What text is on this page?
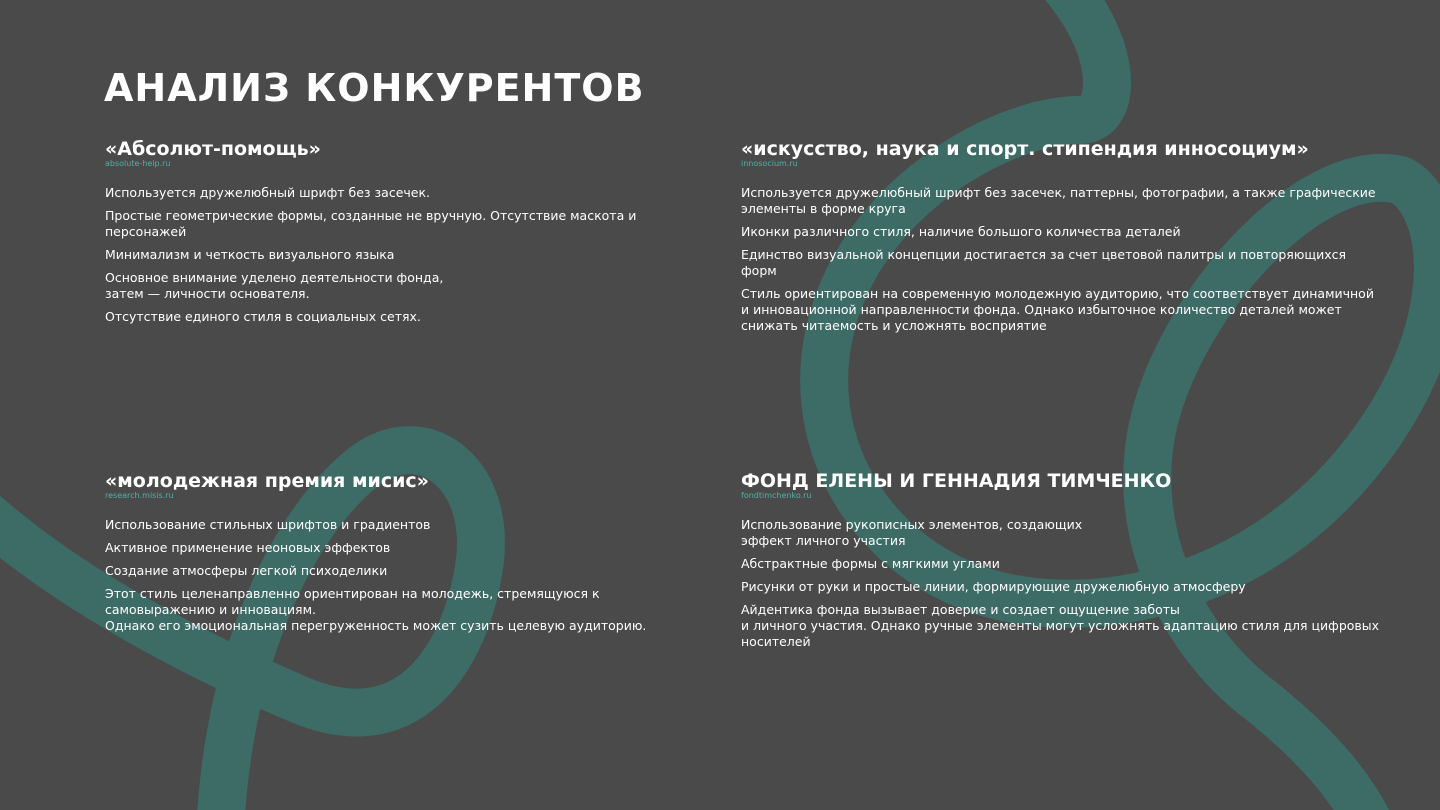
АНАЛИЗ КОНКУРЕНТОВ
«Абсолют-помощь»
absolute-help.ru
Используется дружелюбный шрифт без засечек.
Простые геометрические формы, созданные не вручную. Отсутствие маскота и персонажей
Минимализм и четкость визуального языка
Основное внимание уделено деятельности фонда,
затем — личности основателя.
Отсутствие единого стиля в социальных сетях.
«искусство, наука и спорт. стипендия инносоциум»
innosocium.ru
Используется дружелюбный шрифт без засечек, паттерны, фотографии, а также графические элементы в форме круга
Иконки различного стиля, наличие большого количества деталей
Единство визуальной концепции достигается за счет цветовой палитры и повторяющихся форм
Стиль ориентирован на современную молодежную аудиторию, что соответствует динамичной и инновационной направленности фонда. Однако избыточное количество деталей может снижать читаемость и усложнять восприятие
«молодежная премия мисис»
research.misis.ru
Использование стильных шрифтов и градиентов
Активное применение неоновых эффектов
Создание атмосферы легкой психоделики
Этот стиль целенаправленно ориентирован на молодежь, стремящуюся к самовыражению и инновациям.
Однако его эмоциональная перегруженность может сузить целевую аудиторию.
ФОНД ЕЛЕНЫ И ГЕННАДИЯ ТИМЧЕНКО
fondtimchenko.ru
Использование рукописных элементов, создающих
эффект личного участия
Абстрактные формы с мягкими углами
Рисунки от руки и простые линии, формирующие дружелюбную атмосферу
Айдентика фонда вызывает доверие и создает ощущение заботы
и личного участия. Однако ручные элементы могут усложнять адаптацию стиля для цифровых носителей
